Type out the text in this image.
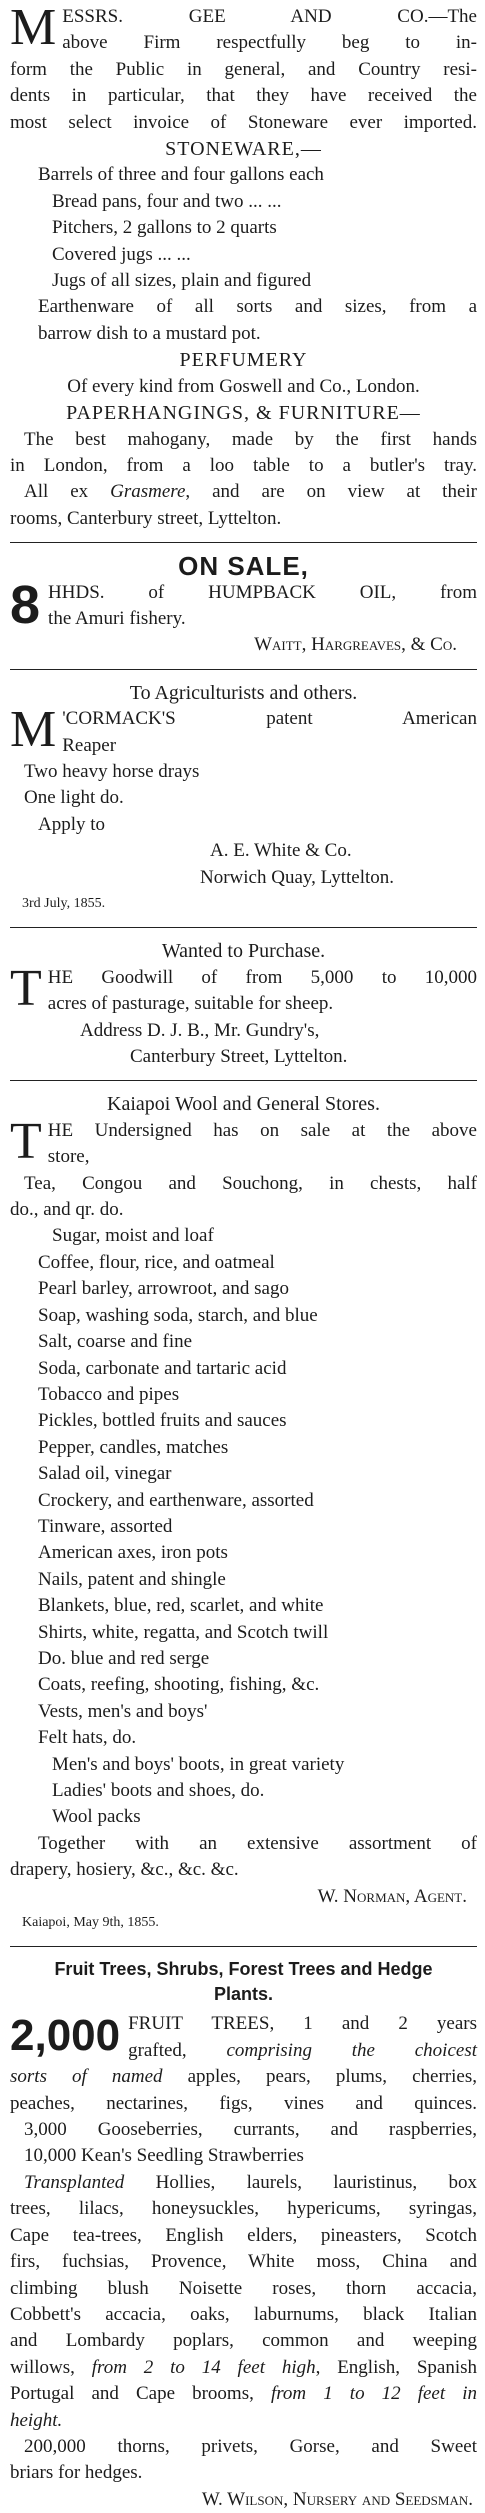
M ESSRS. GEE AND CO.—The

above Firm respectfully beg to in-

form the Public in general, and Country resi-

dents in particular, that they have received the

most select invoice of Stoneware ever imported.

STONEWARE,—

Barrels of three and four gallons each

Bread pans, four and two ... ...

Pitchers, 2 gallons to 2 quarts

Covered jugs ... ...

Jugs of all sizes, plain and figured

Earthenware of all sorts and sizes, from a

barrow dish to a mustard pot.

PERFUMERY

Of every kind from Goswell and Co., London.

PAPERHANGINGS, & FURNITURE—

The best mahogany, made by the first hands

in London, from a loo table to a butler's tray.

All ex Grasmere, and are on view at their

rooms, Canterbury street, Lyttelton.

ON SALE,

8 HHDS. of HUMPBACK OIL, from

the Amuri fishery.

Waitt, Hargreaves, & Co.

To Agriculturists and others.

M 'CORMACK'S patent American

Reaper

Two heavy horse drays

One light do.

Apply to

A. E. White & Co.

Norwich Quay, Lyttelton.

3rd July, 1855.

Wanted to Purchase.

T HE Goodwill of from 5,000 to 10,000

acres of pasturage, suitable for sheep.

Address D. J. B., Mr. Gundry's,

Canterbury Street, Lyttelton.

Kaiapoi Wool and General Stores.

T HE Undersigned has on sale at the above

store,

Tea, Congou and Souchong, in chests, half

do., and qr. do.

Sugar, moist and loaf

Coffee, flour, rice, and oatmeal

Pearl barley, arrowroot, and sago

Soap, washing soda, starch, and blue

Salt, coarse and fine

Soda, carbonate and tartaric acid

Tobacco and pipes

Pickles, bottled fruits and sauces

Pepper, candles, matches

Salad oil, vinegar

Crockery, and earthenware, assorted

Tinware, assorted

American axes, iron pots

Nails, patent and shingle

Blankets, blue, red, scarlet, and white

Shirts, white, regatta, and Scotch twill

Do. blue and red serge

Coats, reefing, shooting, fishing, &c.

Vests, men's and boys'

Felt hats, do.

Men's and boys' boots, in great variety

Ladies' boots and shoes, do.

Wool packs

Together with an extensive assortment of

drapery, hosiery, &c., &c. &c.

W. Norman, Agent.

Kaiapoi, May 9th, 1855.

Fruit Trees, Shrubs, Forest Trees and Hedge

Plants.

2,000 FRUIT TREES, 1 and 2 years

grafted, comprising the choicest

sorts of named apples, pears, plums, cherries,

peaches, nectarines, figs, vines and quinces.

3,000 Gooseberries, currants, and raspberries,

10,000 Kean's Seedling Strawberries

Transplanted Hollies, laurels, lauristinus, box

trees, lilacs, honeysuckles, hypericums, syringas,

Cape tea-trees, English elders, pineasters, Scotch

firs, fuchsias, Provence, White moss, China and

climbing blush Noisette roses, thorn accacia,

Cobbett's accacia, oaks, laburnums, black Italian

and Lombardy poplars, common and weeping

willows, from 2 to 14 feet high, English, Spanish

Portugal and Cape brooms, from 1 to 12 feet in

height.

200,000 thorns, privets, Gorse, and Sweet

briars for hedges.

W. Wilson, Nursery and Seedsman.
